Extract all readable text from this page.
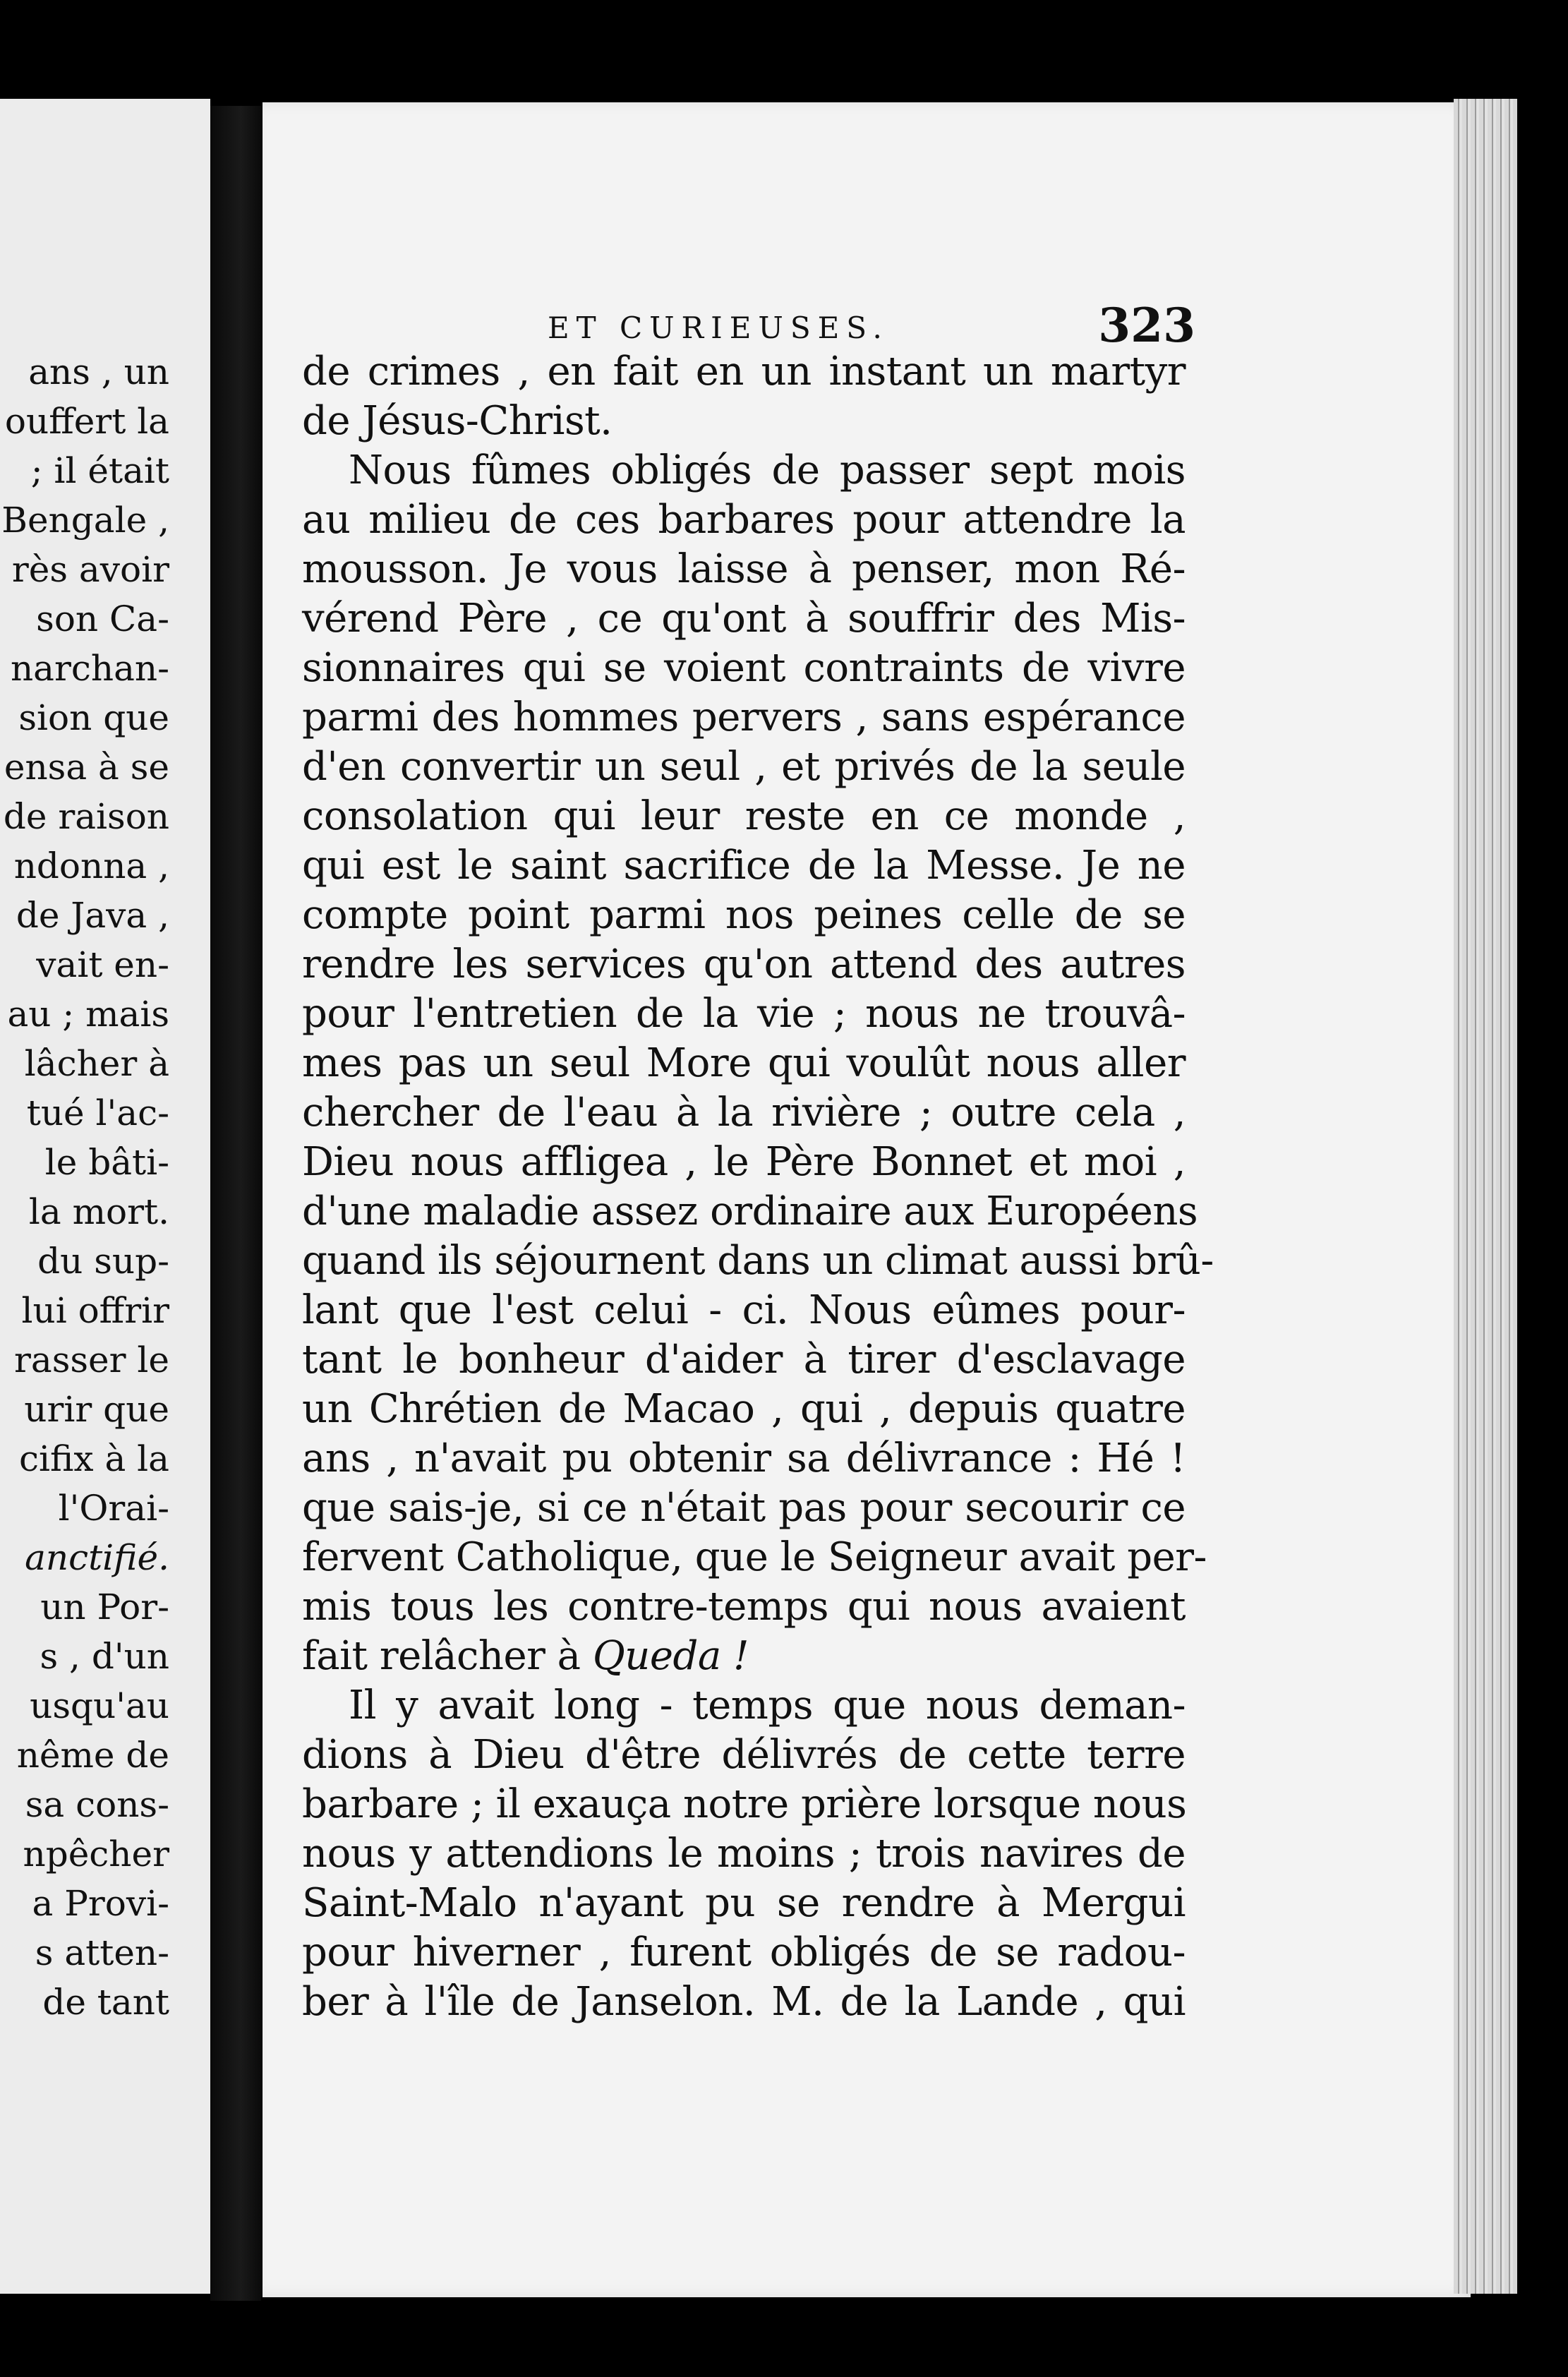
ans , un
ouffert la
; il était
Bengale ,
rès avoir
son Ca-
narchan-
sion que
ensa à se
de raison
ndonna ,
de Java ,
vait en-
au ; mais
lâcher à
tué l'ac-
le bâti-
la mort.
du sup-
lui offrir
rasser le
urir que
cifix à la
l'Orai-
anctifié.
un Por-
s , d'un
usqu'au
nême de
sa cons-
npêcher
a Provi-
s atten-
de tant
ET CURIEUSES.	323
de crimes , en fait en un instant un martyr
de Jésus-Christ.
Nous fûmes obligés de passer sept mois
au milieu de ces barbares pour attendre la
mousson. Je vous laisse à penser, mon Ré-
vérend Père , ce qu'ont à souffrir des Mis-
sionnaires qui se voient contraints de vivre
parmi des hommes pervers , sans espérance
d'en convertir un seul , et privés de la seule
consolation qui leur reste en ce monde ,
qui est le saint sacrifice de la Messe. Je ne
compte point parmi nos peines celle de se
rendre les services qu'on attend des autres
pour l'entretien de la vie ; nous ne trouvâ-
mes pas un seul More qui voulût nous aller
chercher de l'eau à la rivière ; outre cela ,
Dieu nous affligea , le Père Bonnet et moi ,
d'une maladie assez ordinaire aux Européens
quand ils séjournent dans un climat aussi brû-
lant que l'est celui - ci. Nous eûmes pour-
tant le bonheur d'aider à tirer d'esclavage
un Chrétien de Macao , qui , depuis quatre
ans , n'avait pu obtenir sa délivrance : Hé !
que sais-je, si ce n'était pas pour secourir ce
fervent Catholique, que le Seigneur avait per-
mis tous les contre-temps qui nous avaient
fait relâcher à Queda !
Il y avait long - temps que nous deman-
dions à Dieu d'être délivrés de cette terre
barbare ; il exauça notre prière lorsque nous
nous y attendions le moins ; trois navires de
Saint-Malo n'ayant pu se rendre à Mergui
pour hiverner , furent obligés de se radou-
ber à l'île de Janselon. M. de la Lande , qui
